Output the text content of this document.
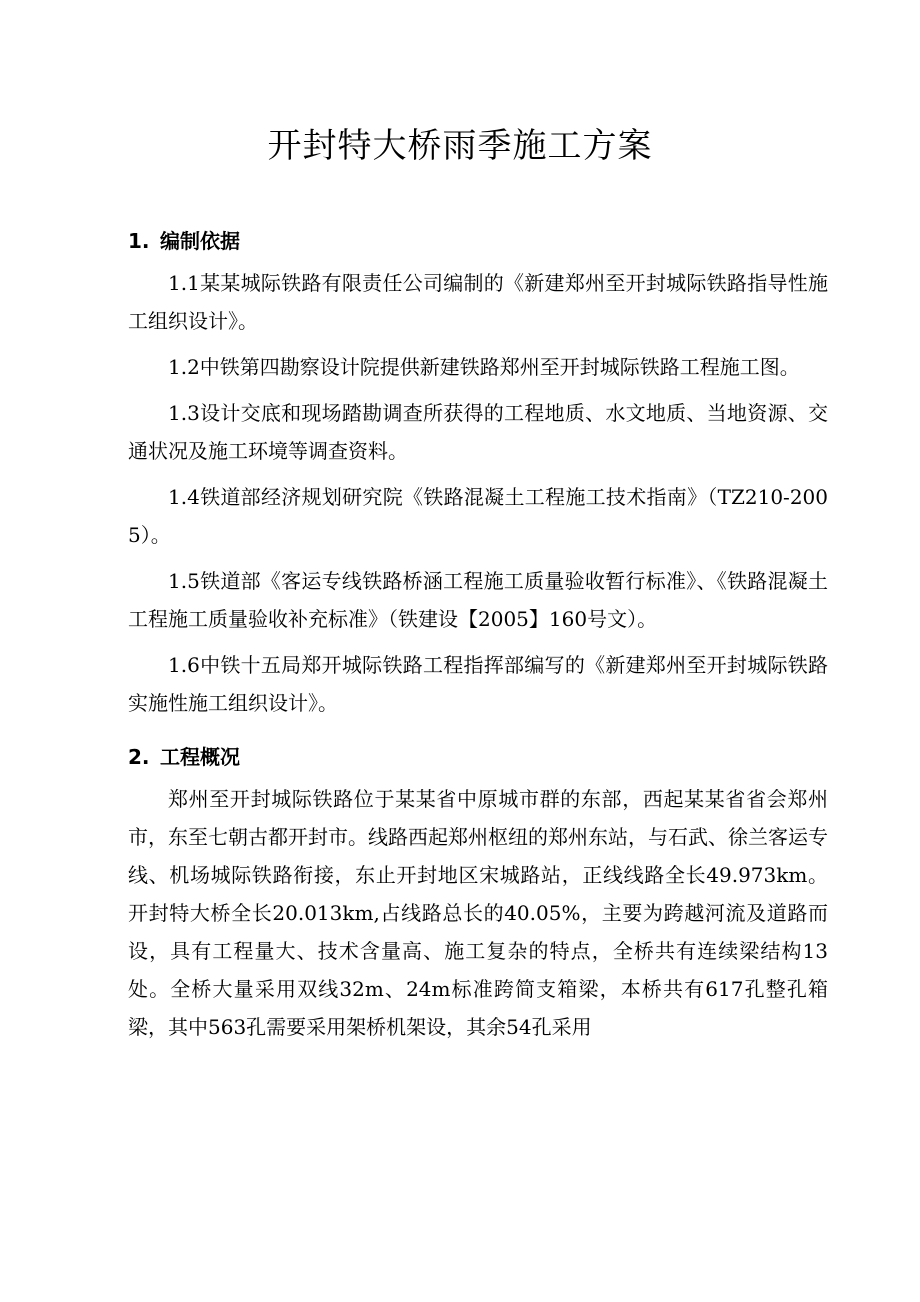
开封特大桥雨季施工方案
1. 编制依据

1.1某某城际铁路有限责任公司编制的《新建郑州至开封城际铁路指导性施工组织设计》。

1.2中铁第四勘察设计院提供新建铁路郑州至开封城际铁路工程施工图。

1.3设计交底和现场踏勘调查所获得的工程地质、水文地质、当地资源、交通状况及施工环境等调查资料。

1.4铁道部经济规划研究院《铁路混凝土工程施工技术指南》（TZ210-2005）。

1.5铁道部《客运专线铁路桥涵工程施工质量验收暂行标准》、《铁路混凝土工程施工质量验收补充标准》（铁建设【2005】160号文）。

1.6中铁十五局郑开城际铁路工程指挥部编写的《新建郑州至开封城际铁路实施性施工组织设计》。

2. 工程概况

郑州至开封城际铁路位于某某省中原城市群的东部，西起某某省省会郑州市，东至七朝古都开封市。线路西起郑州枢纽的郑州东站，与石武、徐兰客运专线、机场城际铁路衔接，东止开封地区宋城路站，正线线路全长49.973km。开封特大桥全长20.013km,占线路总长的40.05%，主要为跨越河流及道路而设，具有工程量大、技术含量高、施工复杂的特点，全桥共有连续梁结构13处。全桥大量采用双线32m、24m标准跨简支箱梁，本桥共有617孔整孔箱梁，其中563孔需要采用架桥机架设，其余54孔采用
